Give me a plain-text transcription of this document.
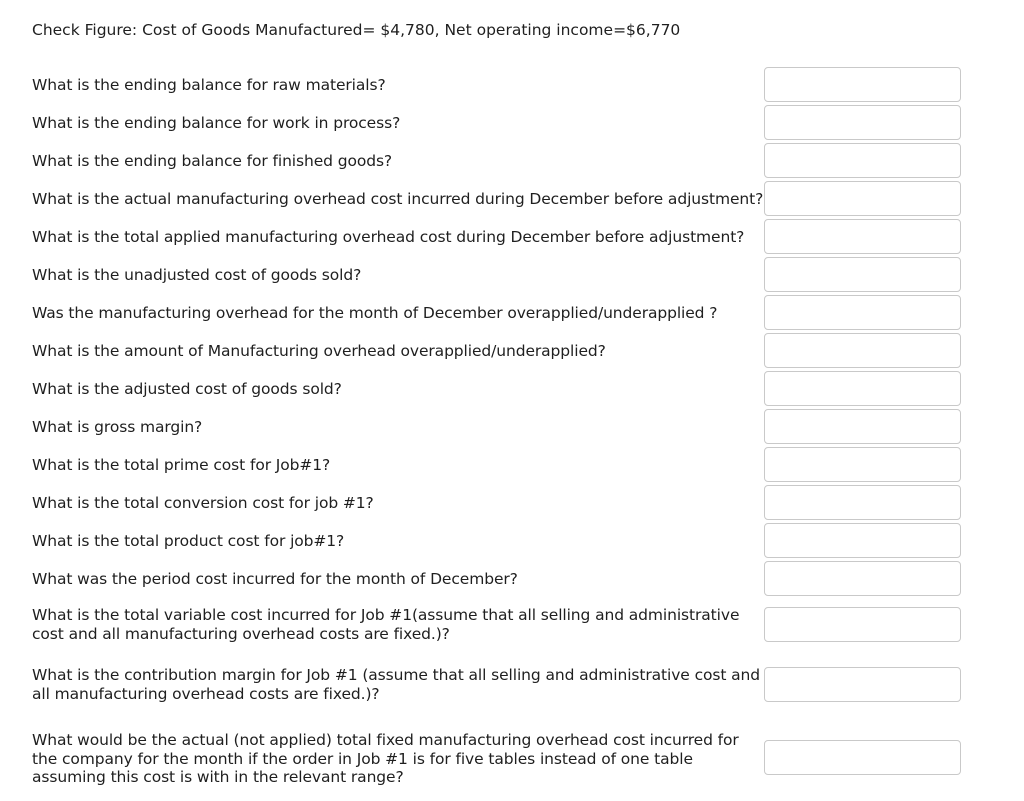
Check Figure: Cost of Goods Manufactured= $4,780, Net operating income=$6,770
What is the ending balance for raw materials?
What is the ending balance for work in process?
What is the ending balance for finished goods?
What is the actual manufacturing overhead cost incurred during December before adjustment?
What is the total applied manufacturing overhead cost during December before adjustment?
What is the unadjusted cost of goods sold?
Was the manufacturing overhead for the month of December overapplied/underapplied ?
What is the amount of Manufacturing overhead overapplied/underapplied?
What is the adjusted cost of goods sold?
What is gross margin?
What is the total prime cost for Job#1?
What is the total conversion cost for job #1?
What is the total product cost for job#1?
What was the period cost incurred for the month of December?
What is the total variable cost incurred for Job #1(assume that all selling and administrative cost and all manufacturing overhead costs are fixed.)?
What is the contribution margin for Job #1 (assume that all selling and administrative cost and all manufacturing overhead costs are fixed.)?
What would be the actual (not applied) total fixed manufacturing overhead cost incurred for the company for the month if the order in Job #1 is for five tables instead of one table assuming this cost is with in the relevant range?
